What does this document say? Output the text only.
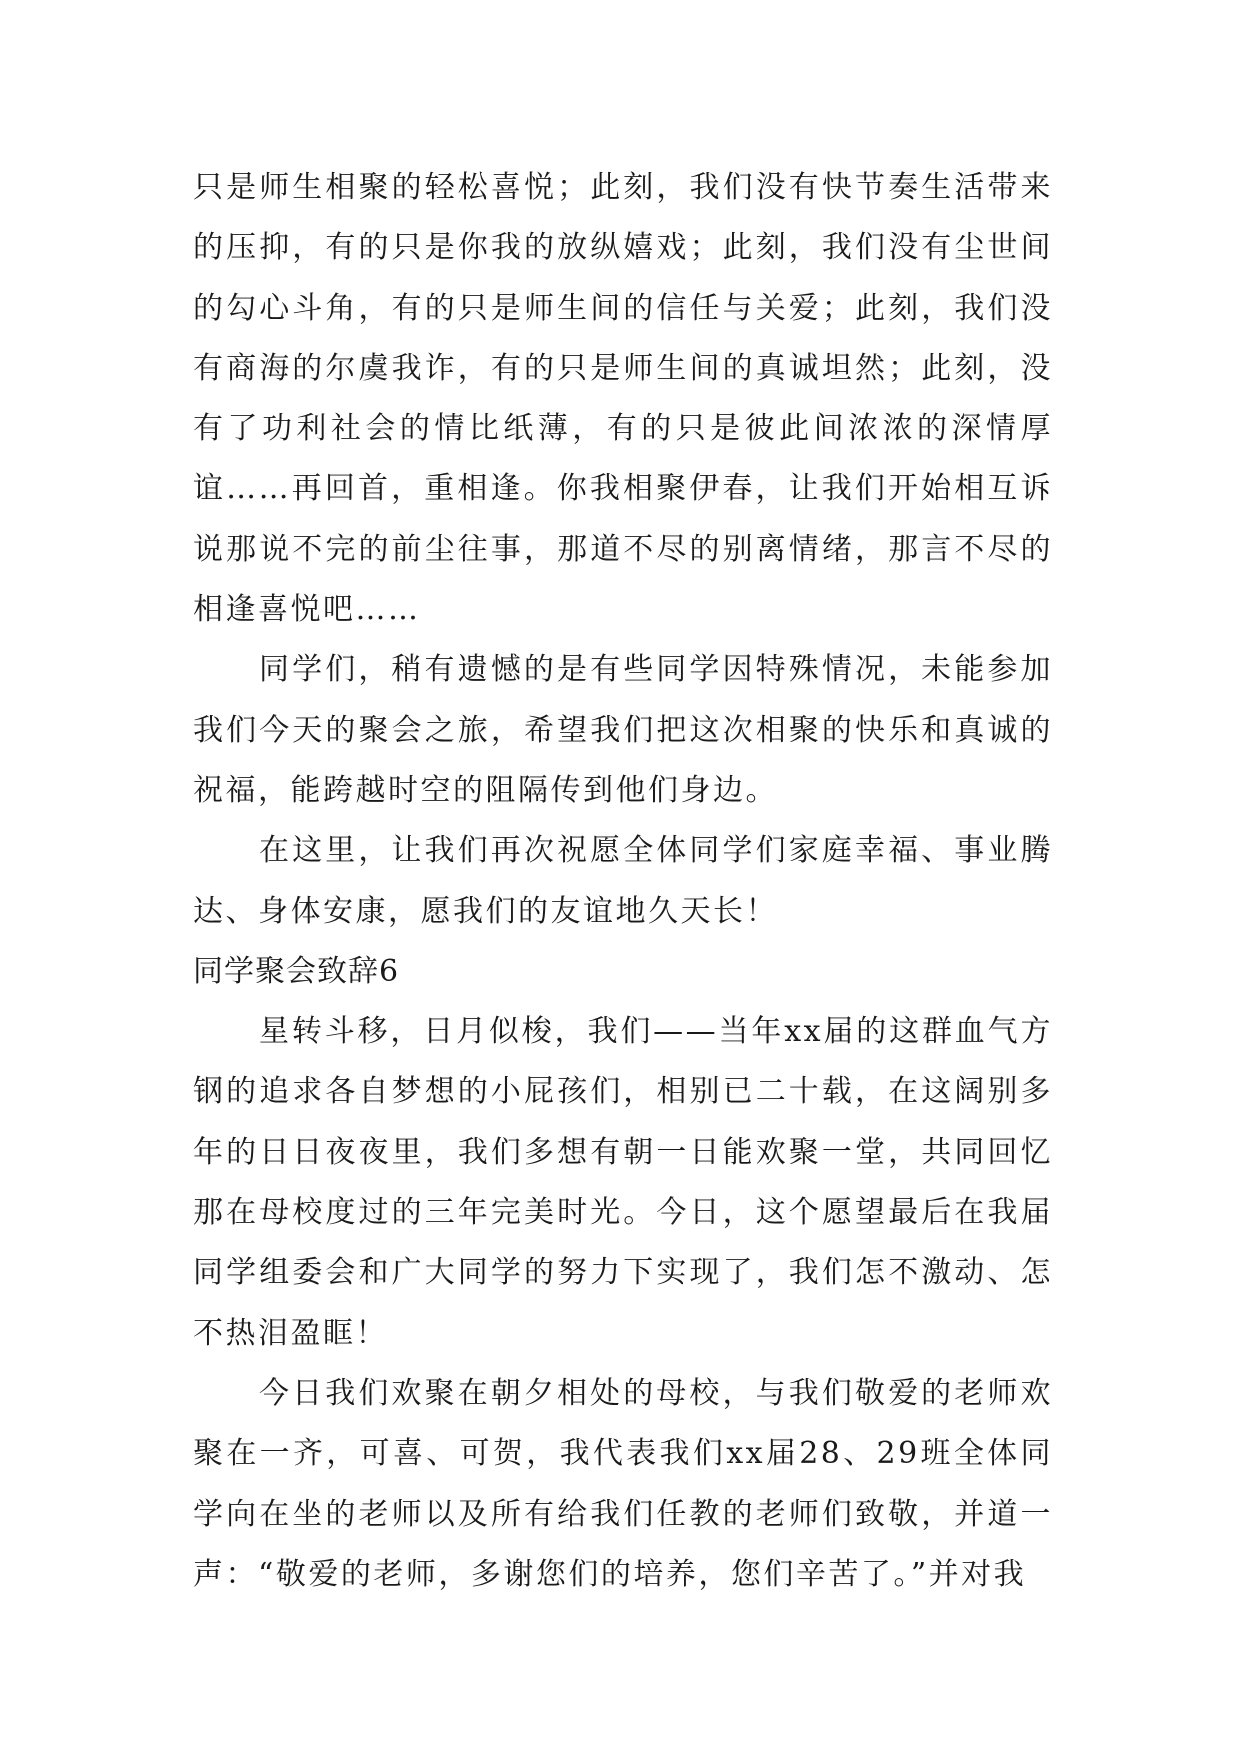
只是师生相聚的轻松喜悦；此刻，我们没有快节奏生活带来的压抑，有的只是你我的放纵嬉戏；此刻，我们没有尘世间的勾心斗角，有的只是师生间的信任与关爱；此刻，我们没有商海的尔虞我诈，有的只是师生间的真诚坦然；此刻，没有了功利社会的情比纸薄，有的只是彼此间浓浓的深情厚谊……再回首，重相逢。你我相聚伊春，让我们开始相互诉说那说不完的前尘往事，那道不尽的别离情绪，那言不尽的相逢喜悦吧……

同学们，稍有遗憾的是有些同学因特殊情况，未能参加我们今天的聚会之旅，希望我们把这次相聚的快乐和真诚的祝福，能跨越时空的阻隔传到他们身边。

在这里，让我们再次祝愿全体同学们家庭幸福、事业腾达、身体安康，愿我们的友谊地久天长！

同学聚会致辞6

星转斗移，日月似梭，我们——当年xx届的这群血气方钢的追求各自梦想的小屁孩们，相别已二十载，在这阔别多年的日日夜夜里，我们多想有朝一日能欢聚一堂，共同回忆那在母校度过的三年完美时光。今日，这个愿望最后在我届同学组委会和广大同学的努力下实现了，我们怎不激动、怎不热泪盈眶！

今日我们欢聚在朝夕相处的母校，与我们敬爱的老师欢聚在一齐，可喜、可贺，我代表我们xx届28、29班全体同学向在坐的老师以及所有给我们任教的老师们致敬，并道一声：“敬爱的老师，多谢您们的培养，您们辛苦了。”并对我
